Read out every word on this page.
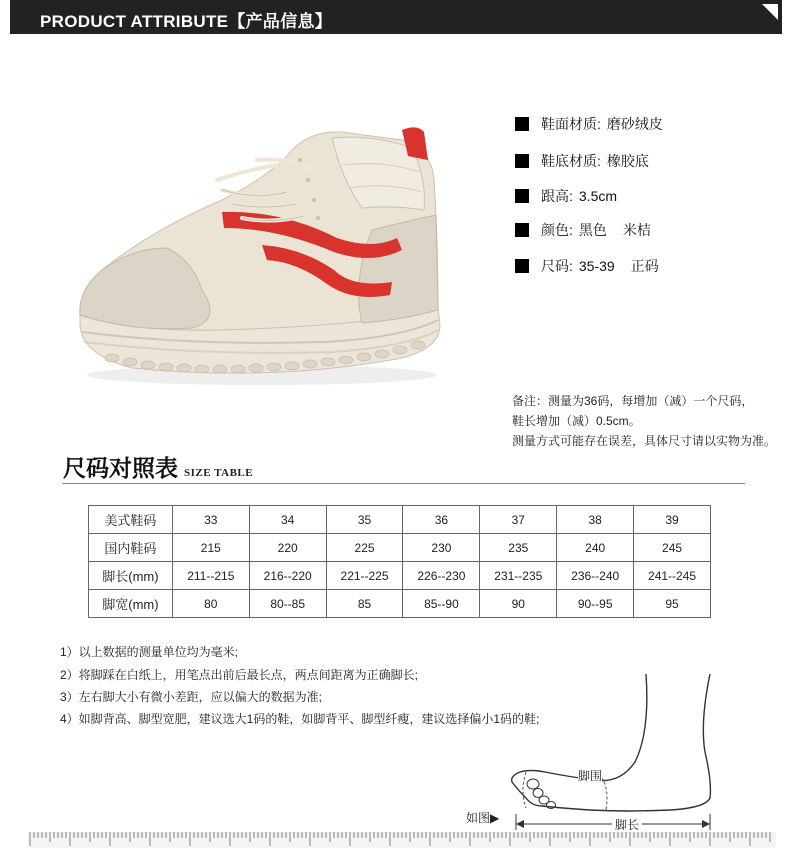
PRODUCT ATTRIBUTE【产品信息】
鞋面材质: 磨砂绒皮
鞋底材质: 橡胶底
跟高: 3.5cm
颜色: 黑色 米桔
尺码: 35-39 正码
备注：测量为36码，每增加（减）一个尺码，
鞋长增加（减）0.5cm。
测量方式可能存在误差，具体尺寸请以实物为准。
尺码对照表 SIZE TABLE
美式鞋码	33	34	35	36	37	38	39
国内鞋码	215	220	225	230	235	240	245
脚长(mm)	211--215	216--220	221--225	226--230	231--235	236--240	241--245
脚宽(mm)	80	80--85	85	85--90	90	90--95	95
1）以上数据的测量单位均为毫米;
2）将脚踩在白纸上，用笔点出前后最长点，两点间距离为正确脚长;
3）左右脚大小有微小差距，应以偏大的数据为准;
4）如脚背高、脚型宽肥，建议选大1码的鞋，如脚背平、脚型纤瘦，建议选择偏小1码的鞋;
脚围
脚长
如图▶
